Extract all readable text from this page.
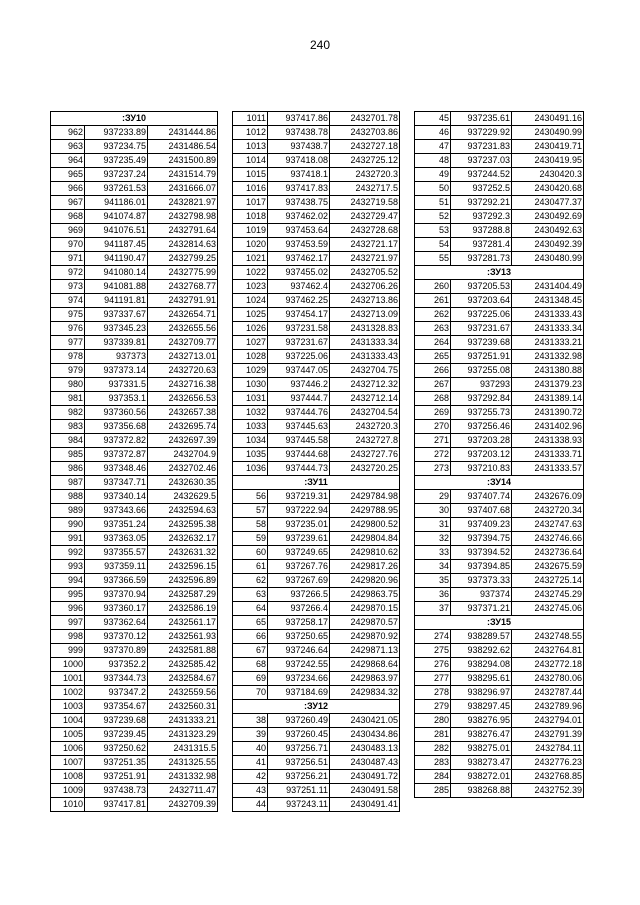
240
:ЗУ10		
962	937233.89	2431444.86
963	937234.75	2431486.54
964	937235.49	2431500.89
965	937237.24	2431514.79
966	937261.53	2431666.07
967	941186.01	2432821.97
968	941074.87	2432798.98
969	941076.51	2432791.64
970	941187.45	2432814.63
971	941190.47	2432799.25
972	941080.14	2432775.99
973	941081.88	2432768.77
974	941191.81	2432791.91
975	937337.67	2432654.71
976	937345.23	2432655.56
977	937339.81	2432709.77
978	937373	2432713.01
979	937373.14	2432720.63
980	937331.5	2432716.38
981	937353.1	2432656.53
982	937360.56	2432657.38
983	937356.68	2432695.74
984	937372.82	2432697.39
985	937372.87	2432704.9
986	937348.46	2432702.46
987	937347.71	2432630.35
988	937340.14	2432629.5
989	937343.66	2432594.63
990	937351.24	2432595.38
991	937363.05	2432632.17
992	937355.57	2432631.32
993	937359.11	2432596.15
994	937366.59	2432596.89
995	937370.94	2432587.29
996	937360.17	2432586.19
997	937362.64	2432561.17
998	937370.12	2432561.93
999	937370.89	2432581.88
1000	937352.2	2432585.42
1001	937344.73	2432584.67
1002	937347.2	2432559.56
1003	937354.67	2432560.31
1004	937239.68	2431333.21
1005	937239.45	2431323.29
1006	937250.62	2431315.5
1007	937251.35	2431325.55
1008	937251.91	2431332.98
1009	937438.73	2432711.47
1010	937417.81	2432709.39
1011	937417.86	2432701.78
1012	937438.78	2432703.86
1013	937438.7	2432727.18
1014	937418.08	2432725.12
1015	937418.1	2432720.3
1016	937417.83	2432717.5
1017	937438.75	2432719.58
1018	937462.02	2432729.47
1019	937453.64	2432728.68
1020	937453.59	2432721.17
1021	937462.17	2432721.97
1022	937455.02	2432705.52
1023	937462.4	2432706.26
1024	937462.25	2432713.86
1025	937454.17	2432713.09
1026	937231.58	2431328.83
1027	937231.67	2431333.34
1028	937225.06	2431333.43
1029	937447.05	2432704.75
1030	937446.2	2432712.32
1031	937444.7	2432712.14
1032	937444.76	2432704.54
1033	937445.63	2432720.3
1034	937445.58	2432727.8
1035	937444.68	2432727.76
1036	937444.73	2432720.25
:ЗУ11		
56	937219.31	2429784.98
57	937222.94	2429788.95
58	937235.01	2429800.52
59	937239.61	2429804.84
60	937249.65	2429810.62
61	937267.76	2429817.26
62	937267.69	2429820.96
63	937266.5	2429863.75
64	937266.4	2429870.15
65	937258.17	2429870.57
66	937250.65	2429870.92
67	937246.64	2429871.13
68	937242.55	2429868.64
69	937234.66	2429863.97
70	937184.69	2429834.32
:ЗУ12		
38	937260.49	2430421.05
39	937260.45	2430434.86
40	937256.71	2430483.13
41	937256.51	2430487.43
42	937256.21	2430491.72
43	937251.11	2430491.58
44	937243.11	2430491.41
45	937235.61	2430491.16
46	937229.92	2430490.99
47	937231.83	2430419.71
48	937237.03	2430419.95
49	937244.52	2430420.3
50	937252.5	2430420.68
51	937292.21	2430477.37
52	937292.3	2430492.69
53	937288.8	2430492.63
54	937281.4	2430492.39
55	937281.73	2430480.99
:ЗУ13		
260	937205.53	2431404.49
261	937203.64	2431348.45
262	937225.06	2431333.43
263	937231.67	2431333.34
264	937239.68	2431333.21
265	937251.91	2431332.98
266	937255.08	2431380.88
267	937293	2431379.23
268	937292.84	2431389.14
269	937255.73	2431390.72
270	937256.46	2431402.96
271	937203.28	2431338.93
272	937203.12	2431333.71
273	937210.83	2431333.57
:ЗУ14		
29	937407.74	2432676.09
30	937407.68	2432720.34
31	937409.23	2432747.63
32	937394.75	2432746.66
33	937394.52	2432736.64
34	937394.85	2432675.59
35	937373.33	2432725.14
36	937374	2432745.29
37	937371.21	2432745.06
:ЗУ15		
274	938289.57	2432748.55
275	938292.62	2432764.81
276	938294.08	2432772.18
277	938295.61	2432780.06
278	938296.97	2432787.44
279	938297.45	2432789.96
280	938276.95	2432794.01
281	938276.47	2432791.39
282	938275.01	2432784.11
283	938273.47	2432776.23
284	938272.01	2432768.85
285	938268.88	2432752.39
